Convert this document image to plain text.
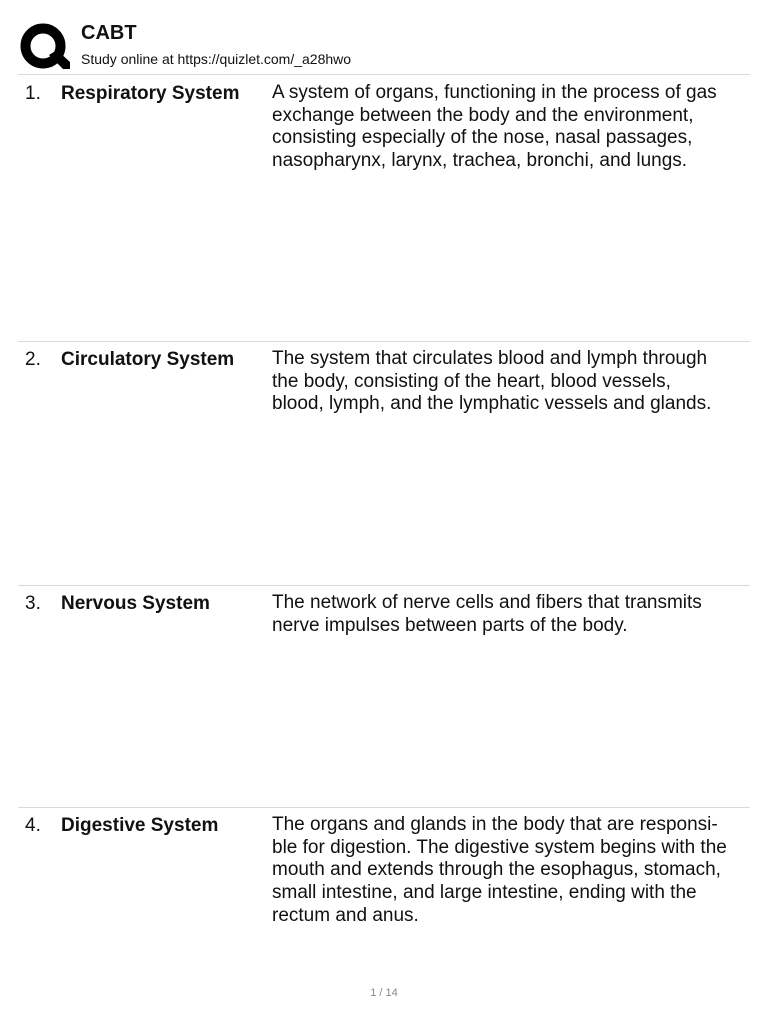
CABT
Study online at https://quizlet.com/_a28hwo
1. Respiratory System	A system of organs, functioning in the process of gas
exchange between the body and the environment,
consisting especially of the nose, nasal passages,
nasopharynx, larynx, trachea, bronchi, and lungs.
2. Circulatory System	The system that circulates blood and lymph through
the body, consisting of the heart, blood vessels,
blood, lymph, and the lymphatic vessels and glands.
3. Nervous System	The network of nerve cells and fibers that transmits
nerve impulses between parts of the body.
4. Digestive System	The organs and glands in the body that are responsi-
ble for digestion. The digestive system begins with the
mouth and extends through the esophagus, stomach,
small intestine, and large intestine, ending with the
rectum and anus.
1 / 14
